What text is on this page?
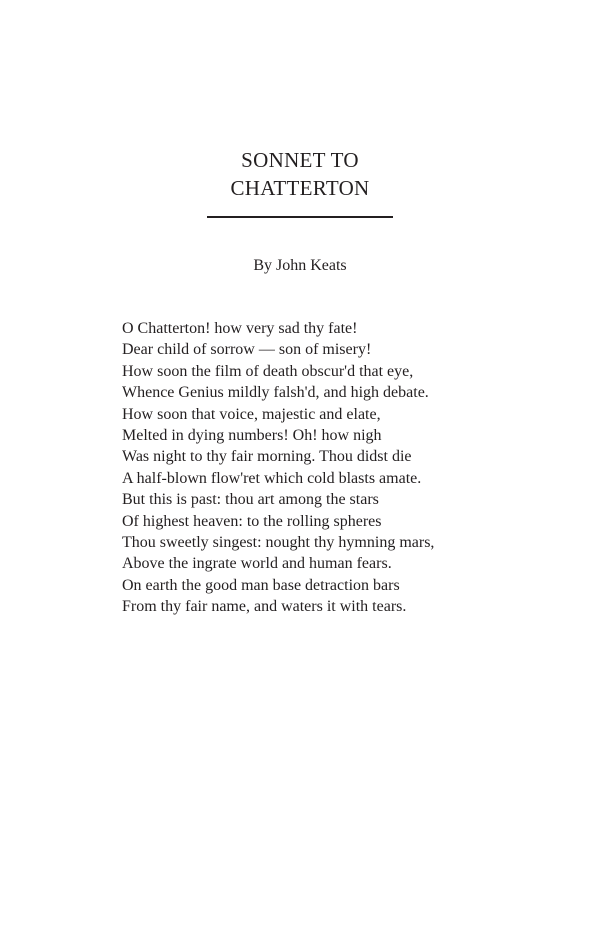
SONNET TO
CHATTERTON
By John Keats
O Chatterton! how very sad thy fate!
Dear child of sorrow — son of misery!
How soon the film of death obscur'd that eye,
Whence Genius mildly falsh'd, and high debate.
How soon that voice, majestic and elate,
Melted in dying numbers! Oh! how nigh
Was night to thy fair morning. Thou didst die
A half-blown flow'ret which cold blasts amate.
But this is past: thou art among the stars
Of highest heaven: to the rolling spheres
Thou sweetly singest: nought thy hymning mars,
Above the ingrate world and human fears.
On earth the good man base detraction bars
From thy fair name, and waters it with tears.
